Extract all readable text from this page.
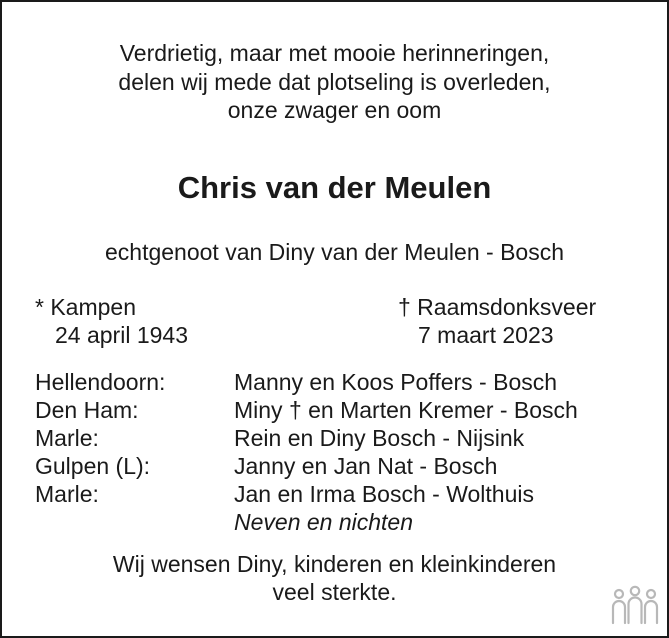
Verdrietig, maar met mooie herinneringen,
delen wij mede dat plotseling is overleden,
onze zwager en oom
Chris van der Meulen
echtgenoot van Diny van der Meulen - Bosch
* Kampen
24 april 1943
† Raamsdonksveer
7 maart 2023
Hellendoorn:	Manny en Koos Poffers - Bosch
Den Ham:	Miny † en Marten Kremer - Bosch
Marle:	Rein en Diny Bosch - Nijsink
Gulpen (L):	Janny en Jan Nat - Bosch
Marle:	Jan en Irma Bosch - Wolthuis
Neven en nichten
Wij wensen Diny, kinderen en kleinkinderen
veel sterkte.
